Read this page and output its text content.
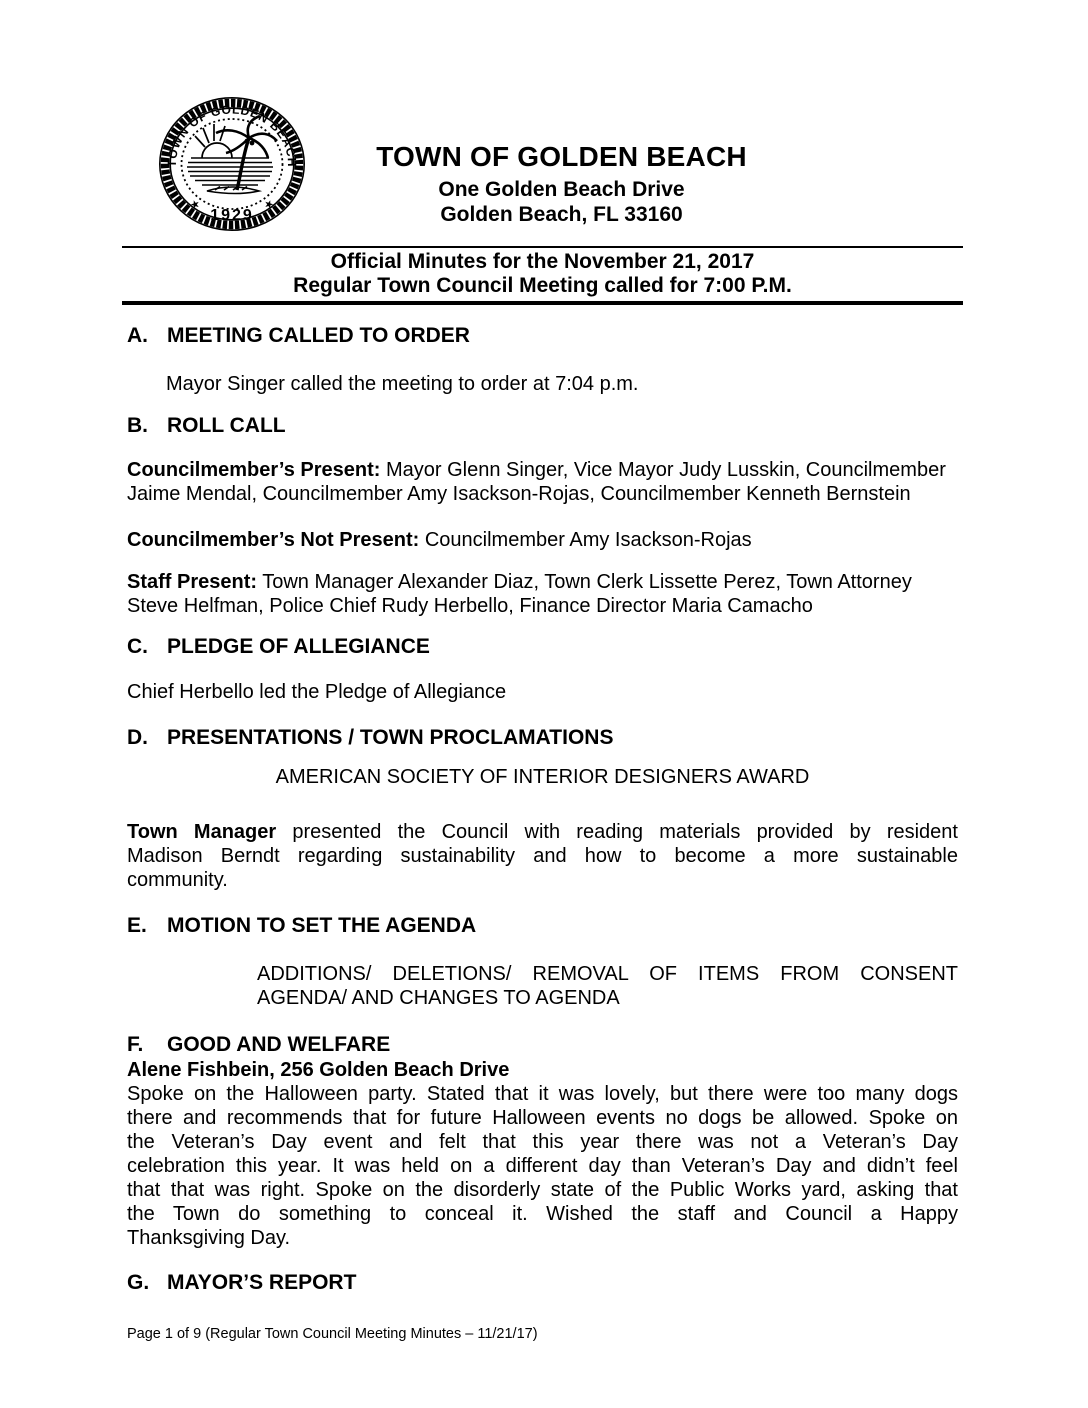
TOWN OF GOLDEN BEACH
1929
★	★
TOWN OF GOLDEN BEACH
One Golden Beach Drive
Golden Beach, FL 33160
Official Minutes for the November 21, 2017
Regular Town Council Meeting called for 7:00 P.M.
A. MEETING CALLED TO ORDER
Mayor Singer called the meeting to order at 7:04 p.m.
B. ROLL CALL
Councilmember’s Present: Mayor Glenn Singer, Vice Mayor Judy Lusskin, Councilmember
Jaime Mendal, Councilmember Amy Isackson-Rojas, Councilmember Kenneth Bernstein
Councilmember’s Not Present: Councilmember Amy Isackson-Rojas
Staff Present: Town Manager Alexander Diaz, Town Clerk Lissette Perez, Town Attorney
Steve Helfman, Police Chief Rudy Herbello, Finance Director Maria Camacho
C. PLEDGE OF ALLEGIANCE
Chief Herbello led the Pledge of Allegiance
D. PRESENTATIONS / TOWN PROCLAMATIONS
AMERICAN SOCIETY OF INTERIOR DESIGNERS AWARD
Town Manager presented the Council with reading materials provided by resident
Madison Berndt regarding sustainability and how to become a more sustainable
community.
E. MOTION TO SET THE AGENDA
ADDITIONS/ DELETIONS/ REMOVAL OF ITEMS FROM CONSENT
AGENDA/ AND CHANGES TO AGENDA
F.	GOOD AND WELFARE
Alene Fishbein, 256 Golden Beach Drive
Spoke on the Halloween party. Stated that it was lovely, but there were too many dogs
there and recommends that for future Halloween events no dogs be allowed. Spoke on
the Veteran’s Day event and felt that this year there was not a Veteran’s Day
celebration this year. It was held on a different day than Veteran’s Day and didn’t feel
that that was right. Spoke on the disorderly state of the Public Works yard, asking that
the Town do something to conceal it. Wished the staff and Council a Happy
Thanksgiving Day.
G. MAYOR’S REPORT
Page 1 of 9 (Regular Town Council Meeting Minutes – 11/21/17)
